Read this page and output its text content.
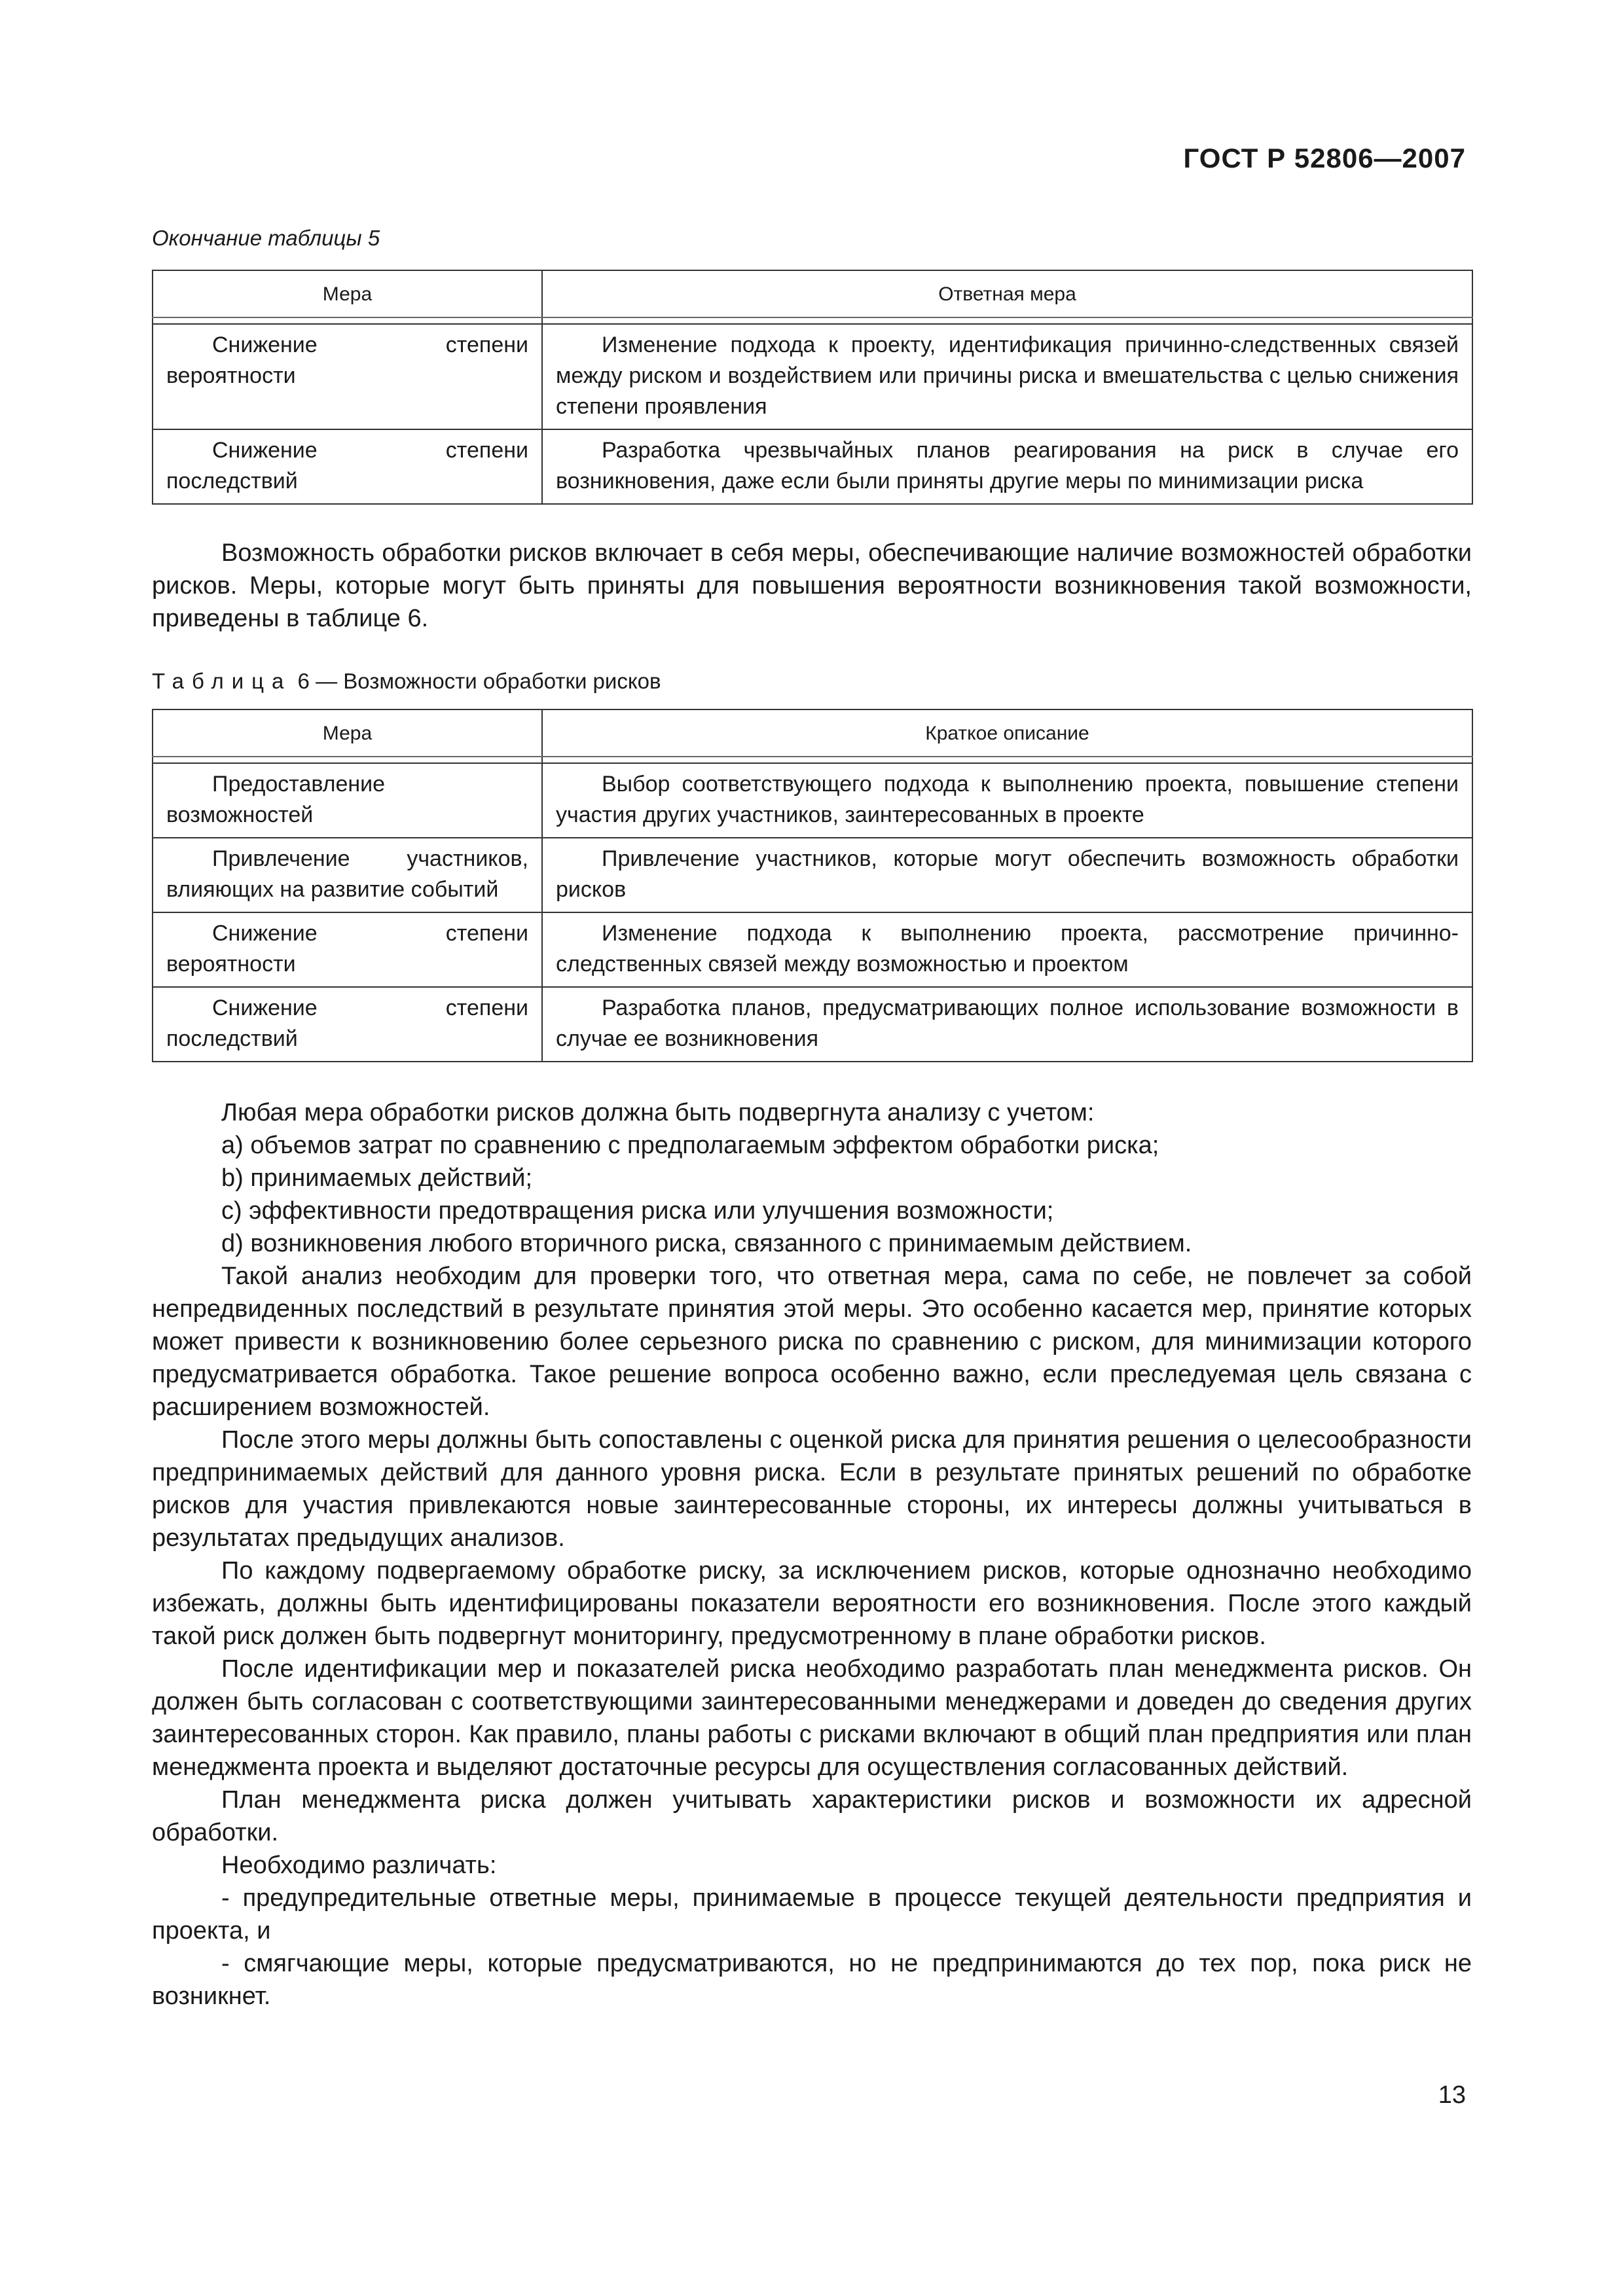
ГОСТ Р 52806—2007
Окончание таблицы 5
Мера	Ответная мера

Снижение степени вероятности	Изменение подхода к проекту, идентификация причинно-следственных связей между риском и воздействием или причины риска и вмешательства с целью снижения степени проявления

Снижение степени последствий	Разработка чрезвычайных планов реагирования на риск в случае его возникновения, даже если были приняты другие меры по минимизации риска

Возможность обработки рисков включает в себя меры, обеспечивающие наличие возможностей обработки рисков. Меры, которые могут быть приняты для повышения вероятности возникновения такой возможности, приведены в таблице 6.

Таблица 6 — Возможности обработки рисков
Мера	Краткое описание

Предоставление возможностей	Выбор соответствующего подхода к выполнению проекта, повышение степени участия других участников, заинтересованных в проекте

Привлечение участников, влияющих на развитие событий	Привлечение участников, которые могут обеспечить возможность обработки рисков

Снижение степени вероятности	Изменение подхода к выполнению проекта, рассмотрение причинно-следственных связей между возможностью и проектом

Снижение степени последствий	Разработка планов, предусматривающих полное использование возможности в случае ее возникновения

Любая мера обработки рисков должна быть подвергнута анализу с учетом:

а) объемов затрат по сравнению с предполагаемым эффектом обработки риска;

b) принимаемых действий;

с) эффективности предотвращения риска или улучшения возможности;

d) возникновения любого вторичного риска, связанного с принимаемым действием.

Такой анализ необходим для проверки того, что ответная мера, сама по себе, не повлечет за собой непредвиденных последствий в результате принятия этой меры. Это особенно касается мер, принятие которых может привести к возникновению более серьезного риска по сравнению с риском, для минимизации которого предусматривается обработка. Такое решение вопроса особенно важно, если преследуемая цель связана с расширением возможностей.

После этого меры должны быть сопоставлены с оценкой риска для принятия решения о целесообразности предпринимаемых действий для данного уровня риска. Если в результате принятых решений по обработке рисков для участия привлекаются новые заинтересованные стороны, их интересы должны учитываться в результатах предыдущих анализов.

По каждому подвергаемому обработке риску, за исключением рисков, которые однозначно необходимо избежать, должны быть идентифицированы показатели вероятности его возникновения. После этого каждый такой риск должен быть подвергнут мониторингу, предусмотренному в плане обработки рисков.

После идентификации мер и показателей риска необходимо разработать план менеджмента рисков. Он должен быть согласован с соответствующими заинтересованными менеджерами и доведен до сведения других заинтересованных сторон. Как правило, планы работы с рисками включают в общий план предприятия или план менеджмента проекта и выделяют достаточные ресурсы для осуществления согласованных действий.

План менеджмента риска должен учитывать характеристики рисков и возможности их адресной обработки.

Необходимо различать:

- предупредительные ответные меры, принимаемые в процессе текущей деятельности предприятия и проекта, и

- смягчающие меры, которые предусматриваются, но не предпринимаются до тех пор, пока риск не возникнет.

13
